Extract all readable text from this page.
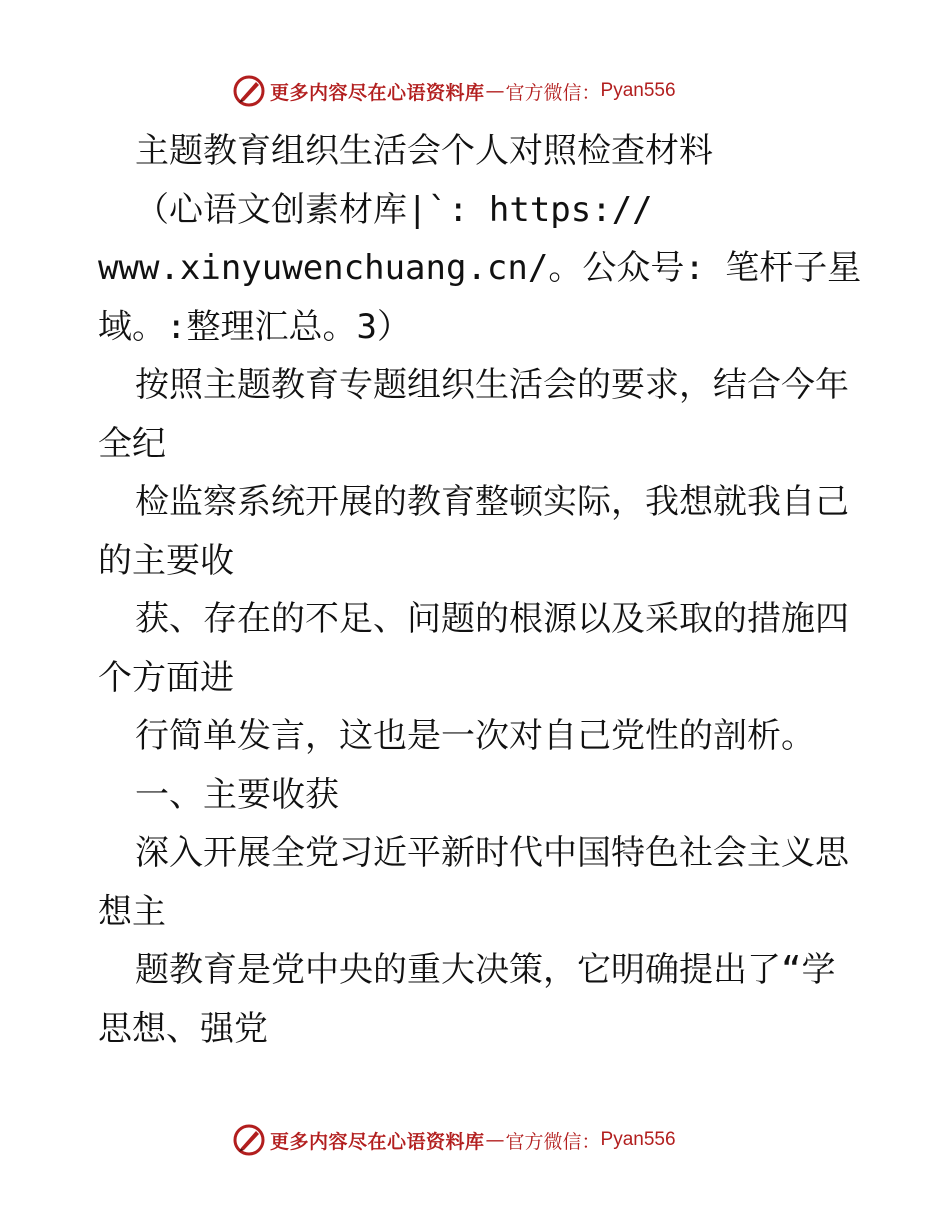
更多内容尽在心语资料库 — 官方微信： Pyan556
主题教育组织生活会个人对照检查材料
（心语文创素材库|`: https://
www.xinyuwenchuang.cn/。公众号: 笔杆子星
域。:整理汇总。3）
按照主题教育专题组织生活会的要求，结合今年
全纪
检监察系统开展的教育整顿实际，我想就我自己
的主要收
获、存在的不足、问题的根源以及采取的措施四
个方面进
行简单发言，这也是一次对自己党性的剖析。
一、主要收获
深入开展全党习近平新时代中国特色社会主义思
想主
题教育是党中央的重大决策，它明确提出了“学
思想、强党
更多内容尽在心语资料库 — 官方微信： Pyan556
